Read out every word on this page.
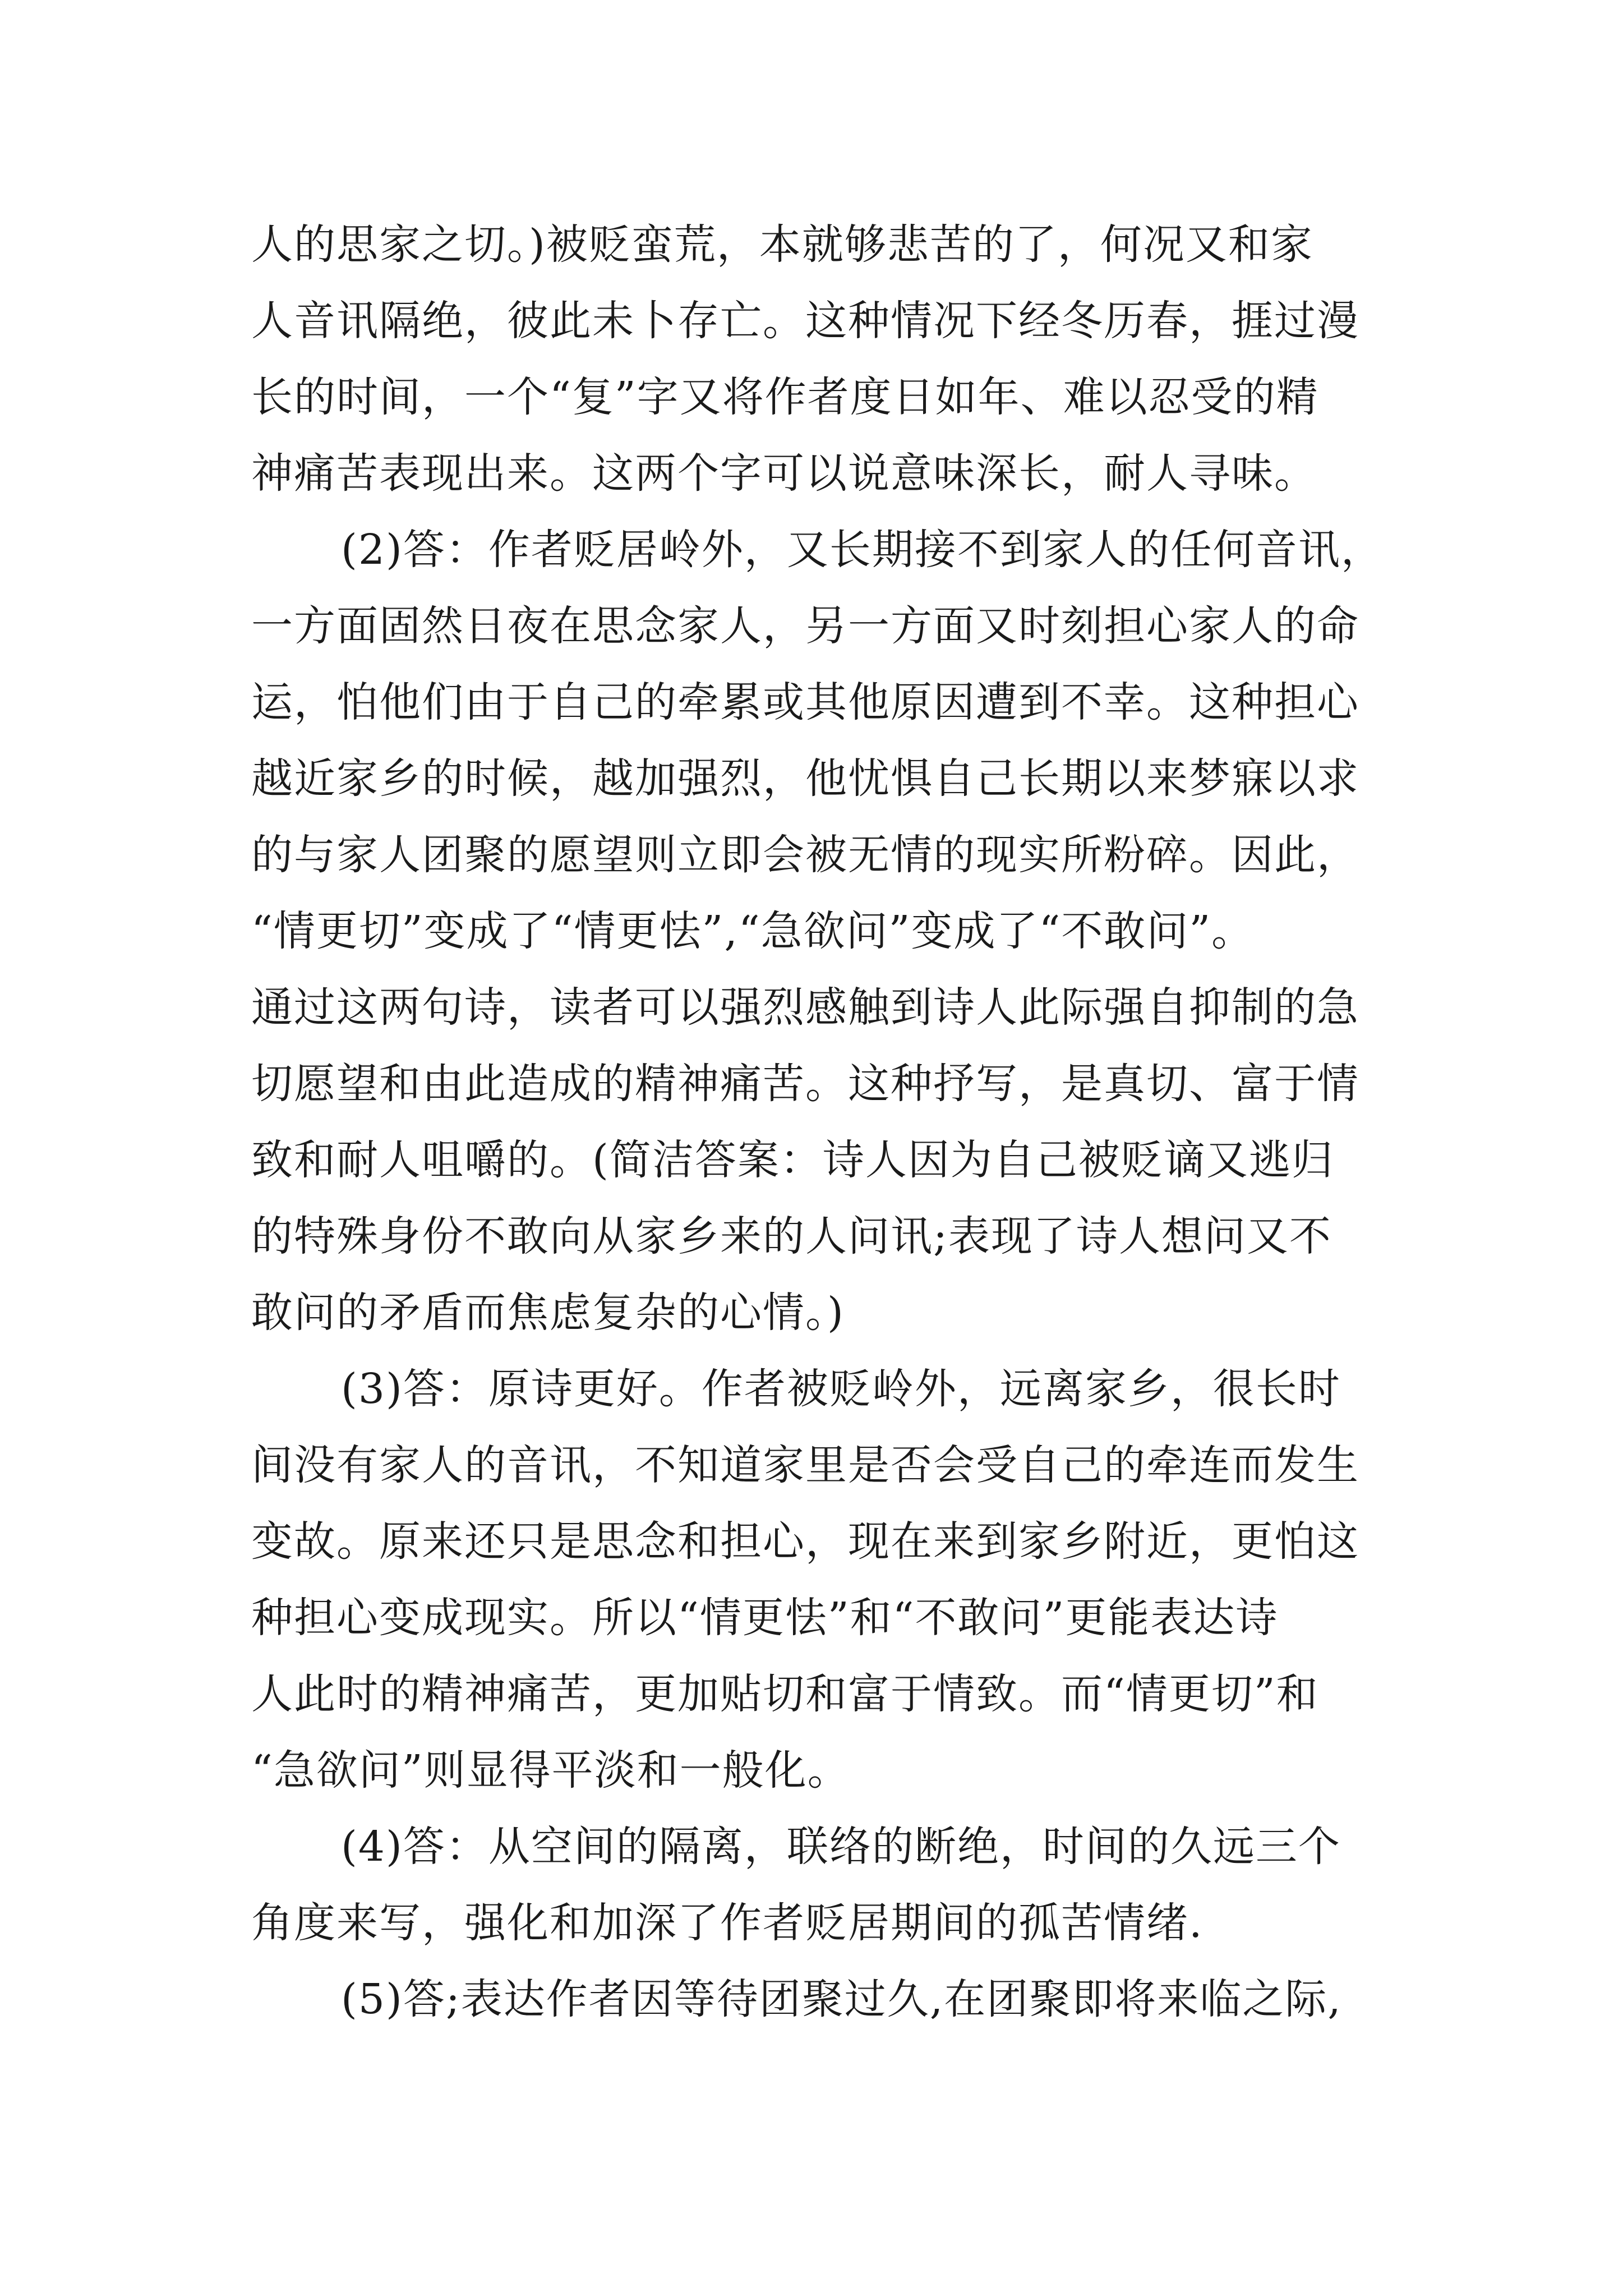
人的思家之切。)被贬蛮荒，本就够悲苦的了，何况又和家
人音讯隔绝，彼此未卜存亡。这种情况下经冬历春，捱过漫
长的时间，一个“复”字又将作者度日如年、难以忍受的精
神痛苦表现出来。这两个字可以说意味深长，耐人寻味。
(2)答：作者贬居岭外，又长期接不到家人的任何音讯，
一方面固然日夜在思念家人，另一方面又时刻担心家人的命
运，怕他们由于自己的牵累或其他原因遭到不幸。这种担心
越近家乡的时候，越加强烈，他忧惧自己长期以来梦寐以求
的与家人团聚的愿望则立即会被无情的现实所粉碎。因此，
“情更切”变成了“情更怯”,“急欲问”变成了“不敢问”。
通过这两句诗，读者可以强烈感触到诗人此际强自抑制的急
切愿望和由此造成的精神痛苦。这种抒写，是真切、富于情
致和耐人咀嚼的。(简洁答案：诗人因为自己被贬谪又逃归
的特殊身份不敢向从家乡来的人问讯;表现了诗人想问又不
敢问的矛盾而焦虑复杂的心情。)
(3)答：原诗更好。作者被贬岭外，远离家乡，很长时
间没有家人的音讯，不知道家里是否会受自己的牵连而发生
变故。原来还只是思念和担心，现在来到家乡附近，更怕这
种担心变成现实。所以“情更怯”和“不敢问”更能表达诗
人此时的精神痛苦，更加贴切和富于情致。而“情更切”和
“急欲问”则显得平淡和一般化。
(4)答：从空间的隔离，联络的断绝，时间的久远三个
角度来写，强化和加深了作者贬居期间的孤苦情绪.
(5)答;表达作者因等待团聚过久,在团聚即将来临之际,
